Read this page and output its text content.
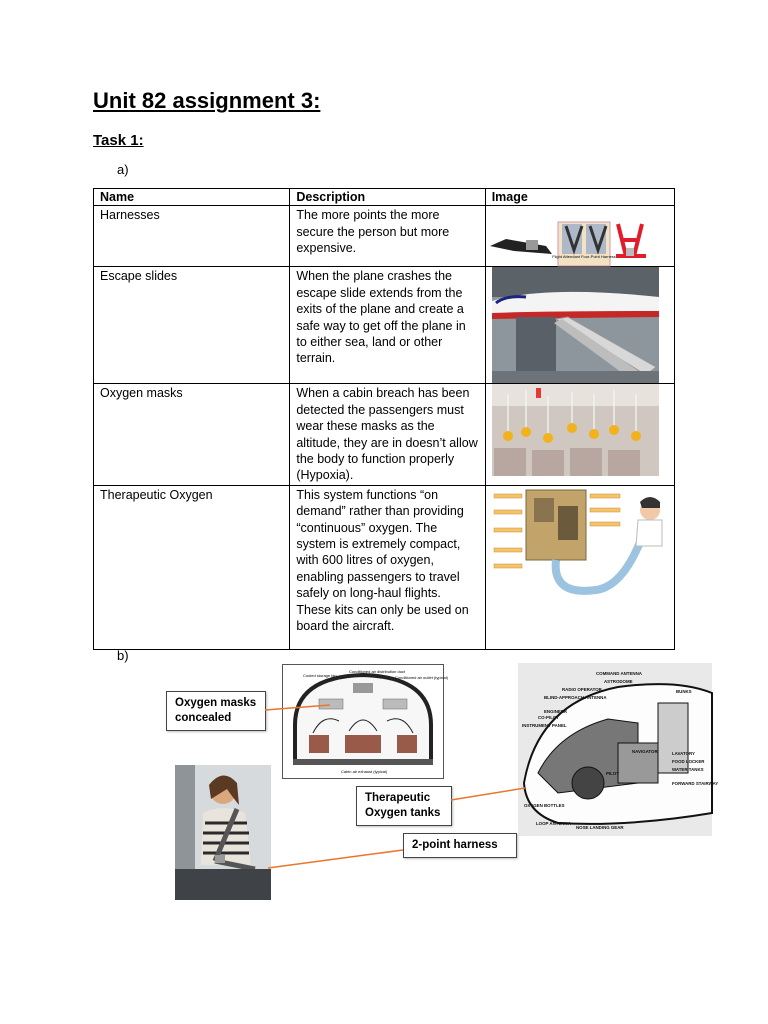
Unit 82 assignment 3:
Task 1:
a)
Name	Description	Image
Harnesses	The more points the more secure the person but more expensive.	Flight Attendant Four-Point Harness

Escape slides	When the plane crashes the escape slide extends from the exits of the plane and create a safe way to get off the plane in to either sea, land or other terrain.	

Oxygen masks	When a cabin breach has been detected the passengers must wear these masks as the altitude, they are in doesn’t allow the body to function properly (Hypoxia).	

Therapeutic Oxygen	This system functions “on demand” rather than providing “continuous” oxygen. The system is extremely compact, with 600 litres of oxygen, enabling passengers to travel safely on long-haul flights. These kits can only be used on board the aircraft.	
b)
Cooled storage bin
Conditioned air distribution duct
Conditioned air outlet (typical)
Cabin air exhaust (typical)
COMMAND ANTENNA
ASTRODOME
RADIO OPERATOR
BLIND-APPROACH ANTENNA
ENGINEER
CO-PILOT
INSTRUMENT PANEL
NAVIGATOR
PILOT
BUNKS
LAVATORY
FOOD LOCKER
WATER TANKS
FORWARD STAIRWAY
OXYGEN BOTTLES
LOOP ANTENNA
NOSE LANDING GEAR
Oxygen masks concealed
Therapeutic Oxygen tanks
2-point harness
